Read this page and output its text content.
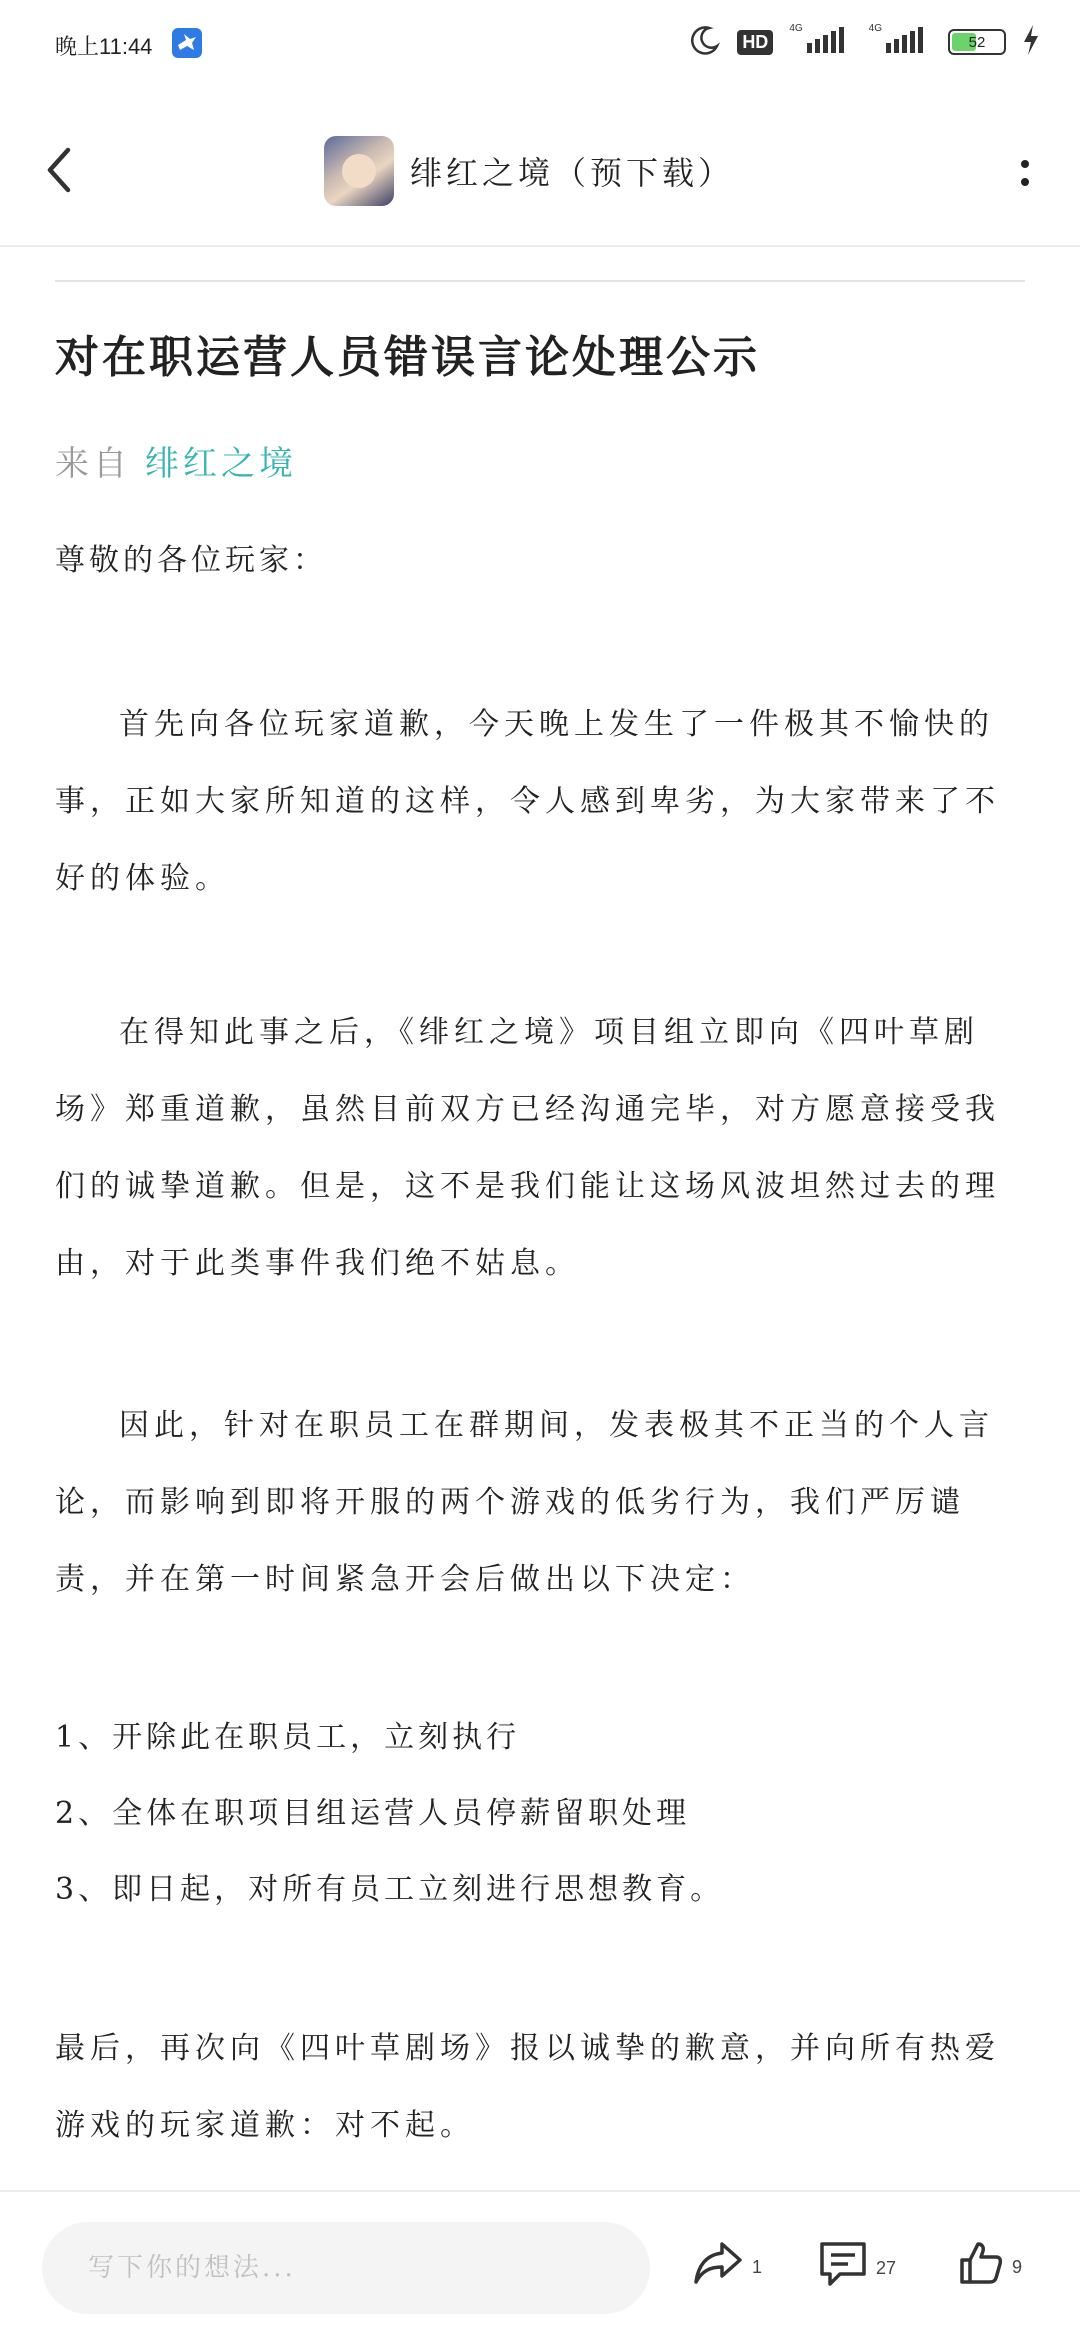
晚上11:44	HD
4G	4G
52
绯红之境（预下载）
对在职运营人员错误言论处理公示
来自 绯红之境
尊敬的各位玩家：

首先向各位玩家道歉，今天晚上发生了一件极其不愉快的事，正如大家所知道的这样，令人感到卑劣，为大家带来了不好的体验。

在得知此事之后，《绯红之境》项目组立即向《四叶草剧场》郑重道歉，虽然目前双方已经沟通完毕，对方愿意接受我们的诚挚道歉。但是，这不是我们能让这场风波坦然过去的理由，对于此类事件我们绝不姑息。

因此，针对在职员工在群期间，发表极其不正当的个人言论，而影响到即将开服的两个游戏的低劣行为，我们严厉谴责，并在第一时间紧急开会后做出以下决定：

1、开除此在职员工，立刻执行
2、全体在职项目组运营人员停薪留职处理
3、即日起，对所有员工立刻进行思想教育。

最后，再次向《四叶草剧场》报以诚挚的歉意，并向所有热爱游戏的玩家道歉：对不起。

写下你的想法...
1	27	9
